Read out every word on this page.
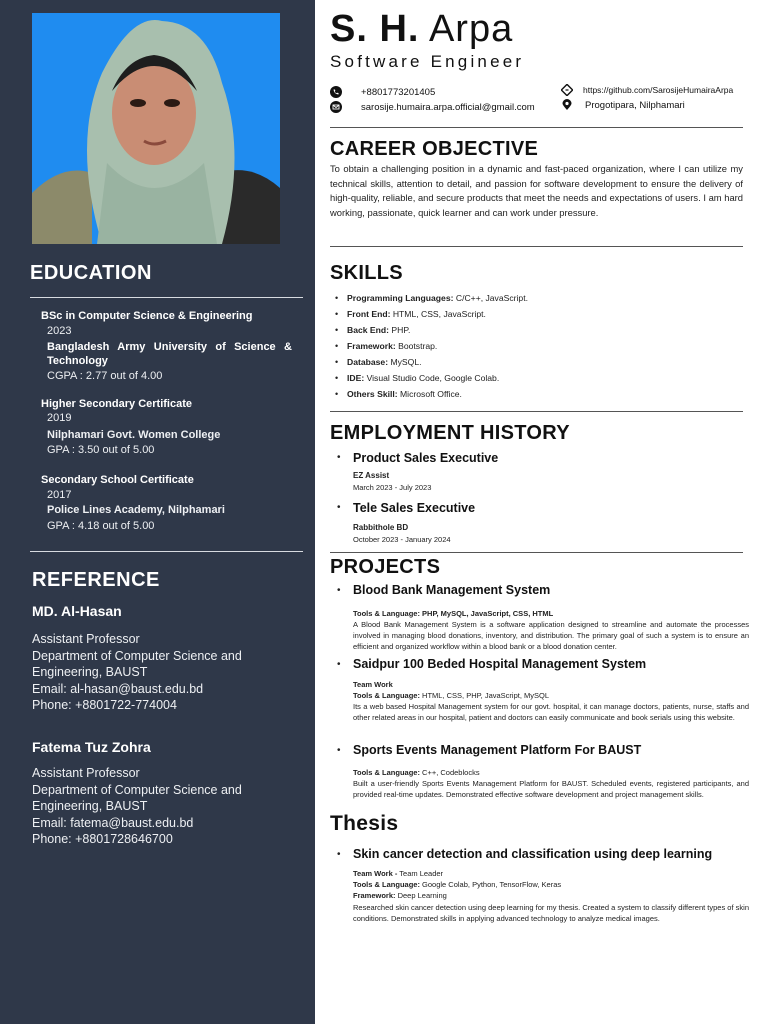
EDUCATION
BSc in Computer Science & Engineering
2023
Bangladesh Army University of Science & Technology
CGPA : 2.77 out of 4.00
Higher Secondary Certificate
2019
Nilphamari Govt. Women College
GPA : 3.50 out of 5.00
Secondary School Certificate
2017
Police Lines Academy, Nilphamari
GPA : 4.18 out of 5.00
REFERENCE
MD. Al-Hasan
Assistant Professor
Department of Computer Science and Engineering, BAUST
Email: al-hasan@baust.edu.bd
Phone: +8801722-774004
Fatema Tuz Zohra
Assistant Professor
Department of Computer Science and Engineering, BAUST
Email: fatema@baust.edu.bd
Phone: +8801728646700
S. H. Arpa
Software Engineer
+8801773201405
sarosije.humaira.arpa.official@gmail.com
https://github.com/SarosijeHumairaArpa
Progotipara, Nilphamari
CAREER OBJECTIVE
To obtain a challenging position in a dynamic and fast-paced organization, where I can utilize my technical skills, attention to detail, and passion for software development to ensure the delivery of high-quality, reliable, and secure products that meet the needs and expectations of users. I am hard working, passionate, quick learner and can work under pressure.
SKILLS
• Programming Languages: C/C++, JavaScript.
• Front End: HTML, CSS, JavaScript.
• Back End: PHP.
• Framework: Bootstrap.
• Database: MySQL.
• IDE: Visual Studio Code, Google Colab.
• Others Skill: Microsoft Office.
EMPLOYMENT HISTORY
• Product Sales Executive
EZ Assist
March 2023 - July 2023
• Tele Sales Executive
Rabbithole BD
October 2023 - January 2024
PROJECTS
• Blood Bank Management System
Tools & Language: PHP, MySQL, JavaScript, CSS, HTML
A Blood Bank Management System is a software application designed to streamline and automate the processes involved in managing blood donations, inventory, and distribution. The primary goal of such a system is to ensure an efficient and organized workflow within a blood bank or a blood donation center.
• Saidpur 100 Beded Hospital Management System
Team Work
Tools & Language: HTML, CSS, PHP, JavaScript, MySQL
Its a web based Hospital Management system for our govt. hospital, it can manage doctors, patients, nurse, staffs and other related areas in our hospital, patient and doctors can easily communicate and book serials using this website.
• Sports Events Management Platform For BAUST
Tools & Language: C++, Codeblocks
Built a user-friendly Sports Events Management Platform for BAUST. Scheduled events, registered participants, and provided real-time updates. Demonstrated effective software development and project management skills.
Thesis
• Skin cancer detection and classification using deep learning
Team Work - Team Leader
Tools & Language: Google Colab, Python, TensorFlow, Keras
Framework: Deep Learning
Researched skin cancer detection using deep learning for my thesis. Created a system to classify different types of skin conditions. Demonstrated skills in applying advanced technology to analyze medical images.
